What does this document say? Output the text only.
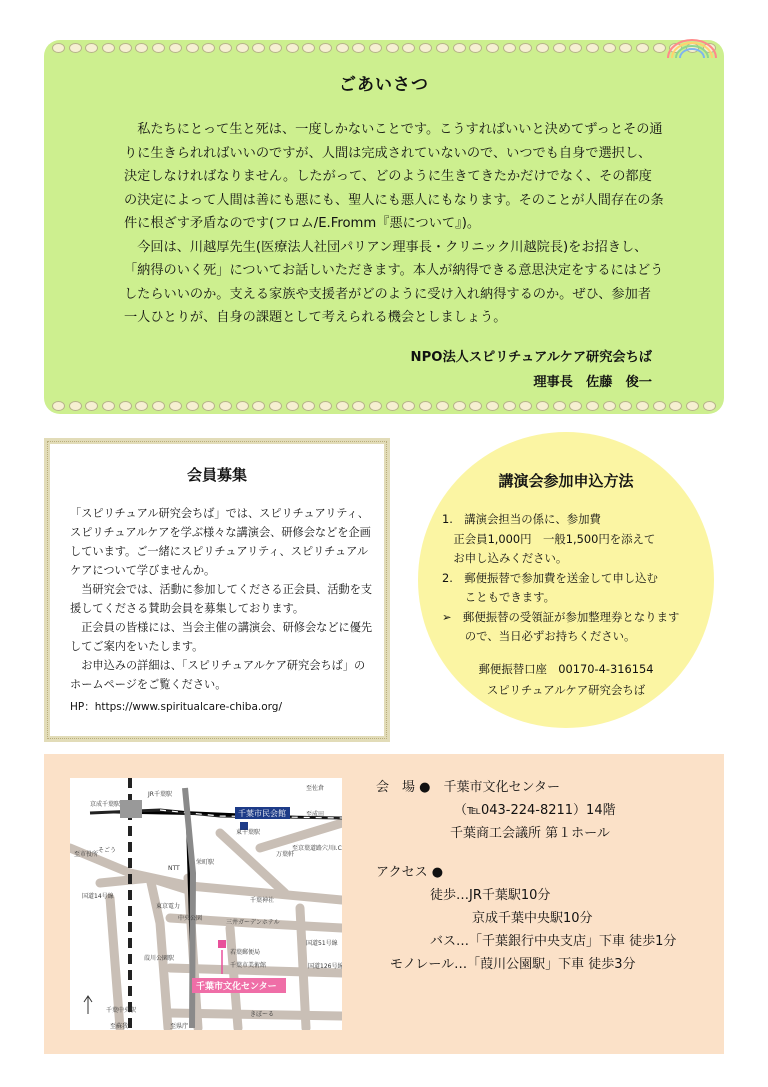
ごあいさつ

私たちにとって生と死は、一度しかないことです。こうすればいいと決めてずっとその通りに生きられればいいのですが、人間は完成されていないので、いつでも自身で選択し、決定しなければなりません。したがって、どのように生きてきたかだけでなく、その都度の決定によって人間は善にも悪にも、聖人にも悪人にもなります。そのことが人間存在の条件に根ざす矛盾なのです(フロム/E.Fromm『悪について』)。

今回は、川越厚先生(医療法人社団パリアン理事長・クリニック川越院長)をお招きし、「納得のいく死」についてお話しいただきます。本人が納得できる意思決定をするにはどうしたらいいのか。支える家族や支援者がどのように受け入れ納得するのか。ぜひ、参加者一人ひとりが、自身の課題として考えられる機会としましょう。

NPO法人スピリチュアルケア研究会ちば
理事長　佐藤　俊一
会員募集

「スピリチュアル研究会ちば」では、スピリチュアリティ、スピリチュアルケアを学ぶ様々な講演会、研修会などを企画しています。ご一緒にスピリチュアリティ、スピリチュアルケアについて学びませんか。

　当研究会では、活動に参加してくださる正会員、活動を支援してくださる賛助会員を募集しております。

　正会員の皆様には、当会主催の講演会、研修会などに優先してご案内をいたします。

　お申込みの詳細は、「スピリチュアルケア研究会ちば」のホームページをご覧ください。

HP：https://www.spiritualcare-chiba.org/
講演会参加申込方法
1.　講演会担当の係に、参加費
　正会員1,000円　一般1,500円を添えて
　お申し込みください。
2.　郵便振替で参加費を送金して申し込む
　　こともできます。
➢　郵便振替の受領証が参加整理券となります
　　ので、当日必ずお持ちください。
郵便振替口座　00170-4-316154
スピリチュアルケア研究会ちば
千葉市民会館
千葉市文化センター
JR千葉駅
東千葉駅
至市役所
そごう
栄町駅
NTT
東京電力
千葉神社
三井ガーデンホテル
中央公園
若葉郵便局
千葉市美術館
葭川公園駅
千葉中央駅
きぼーる
国道51号線
国道14号線
国道126号線
至佐倉
至成田
至蘇我	至県庁
至京葉道路穴川I.C.
万葉軒
京成千葉駅
会　場 ●　 千葉市文化センター
（℡043-224-8211）14階
千葉商工会議所 第１ホール
アクセス ●
徒歩…JR千葉駅10分
京成千葉中央駅10分
バス…「千葉銀行中央支店」下車 徒歩1分
モノレール…「葭川公園駅」下車 徒歩3分
